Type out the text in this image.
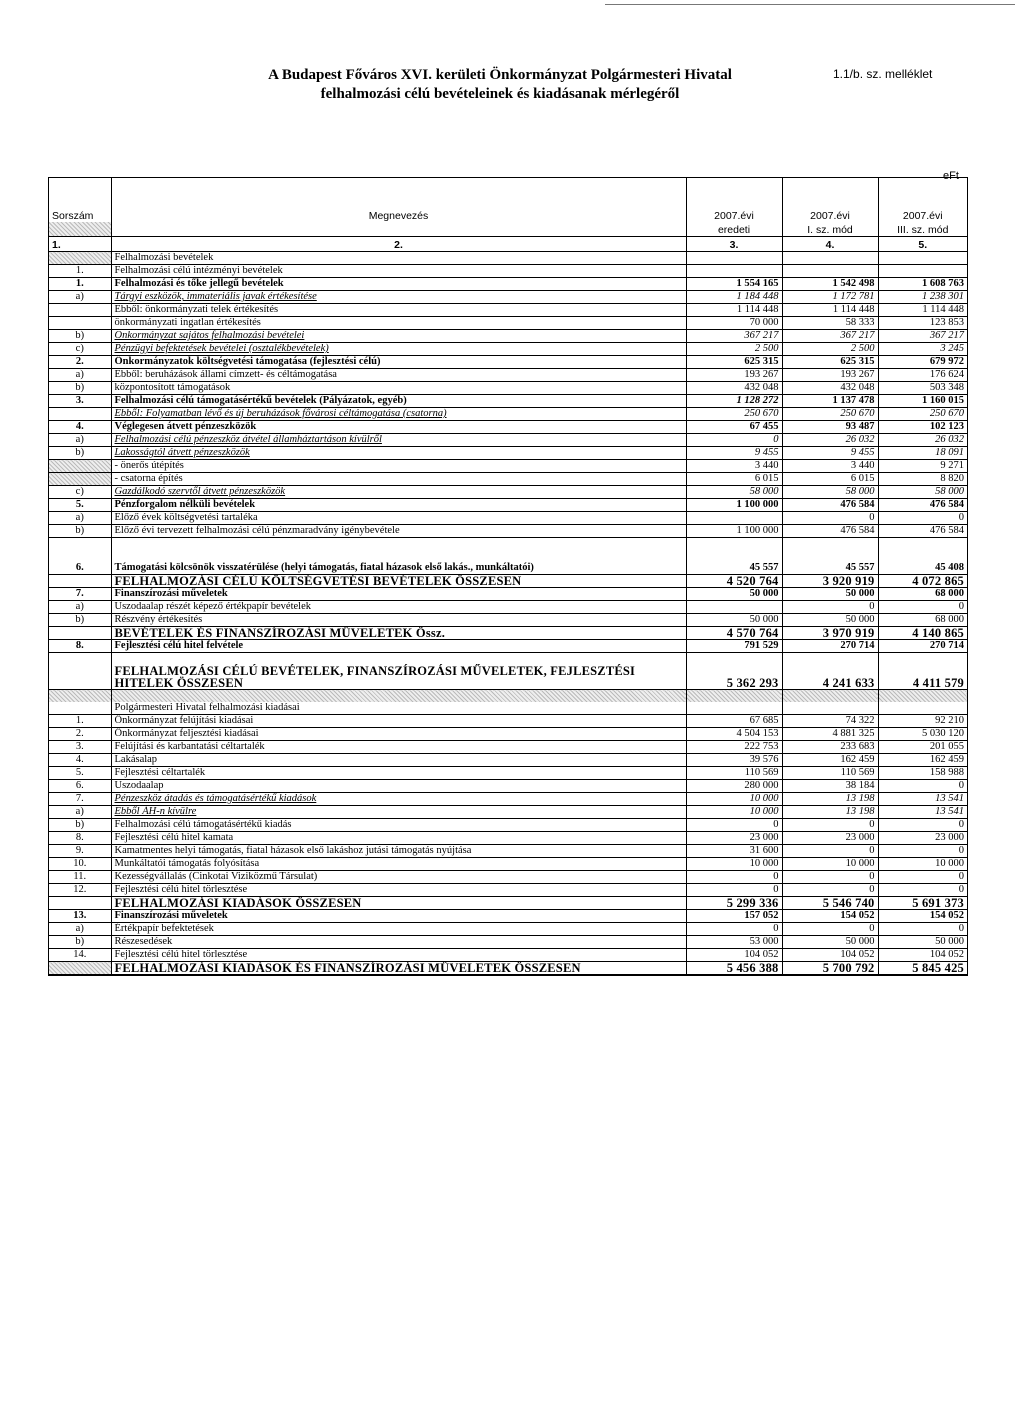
A Budapest Főváros XVI. kerületi Önkormányzat Polgármesteri Hivatal
felhalmozási célú bevételeinek és kiadásanak mérlegéről
1.1/b. sz. melléklet
eFt

Sorszám	Megnevezés	2007.évi	2007.évi	2007.évi
		eredeti	I. sz. mód	III. sz. mód
1.	2.	3.	4.	5.
	Felhalmozási bevételek			
1.	Felhalmozási célú intézményi bevételek			
1.	Felhalmozási és tőke jellegű bevételek	1 554 165	1 542 498	1 608 763
a)	Tárgyi eszközök, immateriális javak értékesítése	1 184 448	1 172 781	1 238 301
	Ebből: önkormányzati telek értékesítés	1 114 448	1 114 448	1 114 448
	önkormányzati ingatlan értékesítés	70 000	58 333	123 853
b)	Önkormányzat sajátos felhalmozási bevételei	367 217	367 217	367 217
c)	Pénzügyi befektetések bevételei (osztalékbevételek)	2 500	2 500	3 245
2.	Önkormányzatok költségvetési támogatása (fejlesztési célú)	625 315	625 315	679 972
a)	Ebből: beruházások állami címzett- és céltámogatása	193 267	193 267	176 624
b)	központosított támogatások	432 048	432 048	503 348
3.	Felhalmozási célú támogatásértékű bevételek (Pályázatok, egyéb)	1 128 272	1 137 478	1 160 015
	Ebből: Folyamatban lévő és új beruházások fővárosi céltámogatása (csatorna)	250 670	250 670	250 670
4.	Véglegesen átvett pénzeszközök	67 455	93 487	102 123
a)	Felhalmozási célú pénzeszköz átvétel államháztartáson kívülről	0	26 032	26 032
b)	Lakosságtól átvett pénzeszközök	9 455	9 455	18 091
	- önerős útépítés	3 440	3 440	9 271
	- csatorna építés	6 015	6 015	8 820
c)	Gazdálkodó szervtől átvett pénzeszközök	58 000	58 000	58 000
5.	Pénzforgalom nélküli bevételek	1 100 000	476 584	476 584
a)	Előző évek költségvetési tartaléka		0	0
b)	Előző évi tervezett felhalmozási célú pénzmaradvány igénybevétele	1 100 000	476 584	476 584

6.	Támogatási kölcsönök visszatérülése (helyi támogatás, fiatal házasok első lakás., munkáltatói)	45 557	45 557	45 408
	FELHALMOZÁSI CÉLÚ KÖLTSÉGVETÉSI BEVÉTELEK ÖSSZESEN	4 520 764	3 920 919	4 072 865
7.	Finanszírozási műveletek	50 000	50 000	68 000
a)	Uszodaalap részét képező értékpapír bevételek		0	0
b)	Részvény értékesítés	50 000	50 000	68 000
	BEVÉTELEK ÉS FINANSZÍROZÁSI MŰVELETEK Össz.	4 570 764	3 970 919	4 140 865
8.	Fejlesztési célú hitel felvétele	791 529	270 714	270 714

	FELHALMOZÁSI CÉLÚ BEVÉTELEK, FINANSZÍROZÁSI MŰVELETEK, FEJLESZTÉSI
HITELEK ÖSSZESEN	5 362 293	4 241 633	4 411 579

	Polgármesteri Hivatal felhalmozási kiadásai			
1.	Önkormányzat felújítási kiadásai	67 685	74 322	92 210
2.	Önkormányzat feljesztési kiadásai	4 504 153	4 881 325	5 030 120
3.	Felújítási és karbantatási céltartalék	222 753	233 683	201 055
4.	Lakásalap	39 576	162 459	162 459
5.	Fejlesztési céltartalék	110 569	110 569	158 988
6.	Uszodaalap	280 000	38 184	0
7.	Pénzeszköz átadás és támogatásértékű kiadások	10 000	13 198	13 541
a)	Ebből ÁH-n kívülre	10 000	13 198	13 541
b)	Felhalmozási célú támogatásértékű kiadás	0	0	0
8.	Fejlesztési célú hitel kamata	23 000	23 000	23 000
9.	Kamatmentes helyi támogatás, fiatal házasok első lakáshoz jutási támogatás nyújtása	31 600	0	0
10.	Munkáltatói támogatás folyósítása	10 000	10 000	10 000
11.	Kezességvállalás (Cinkotai Viziközmű Társulat)	0	0	0
12.	Fejlesztési célú hitel törlesztése	0	0	0
	FELHALMOZÁSI KIADÁSOK ÖSSZESEN	5 299 336	5 546 740	5 691 373
13.	Finanszírozási műveletek	157 052	154 052	154 052
a)	Értékpapír befektetések	0	0	0
b)	Részesedések	53 000	50 000	50 000
14.	Fejlesztési célú hitel törlesztése	104 052	104 052	104 052
	FELHALMOZÁSI KIADÁSOK ÉS FINANSZÍROZÁSI MŰVELETEK ÖSSZESEN	5 456 388	5 700 792	5 845 425
